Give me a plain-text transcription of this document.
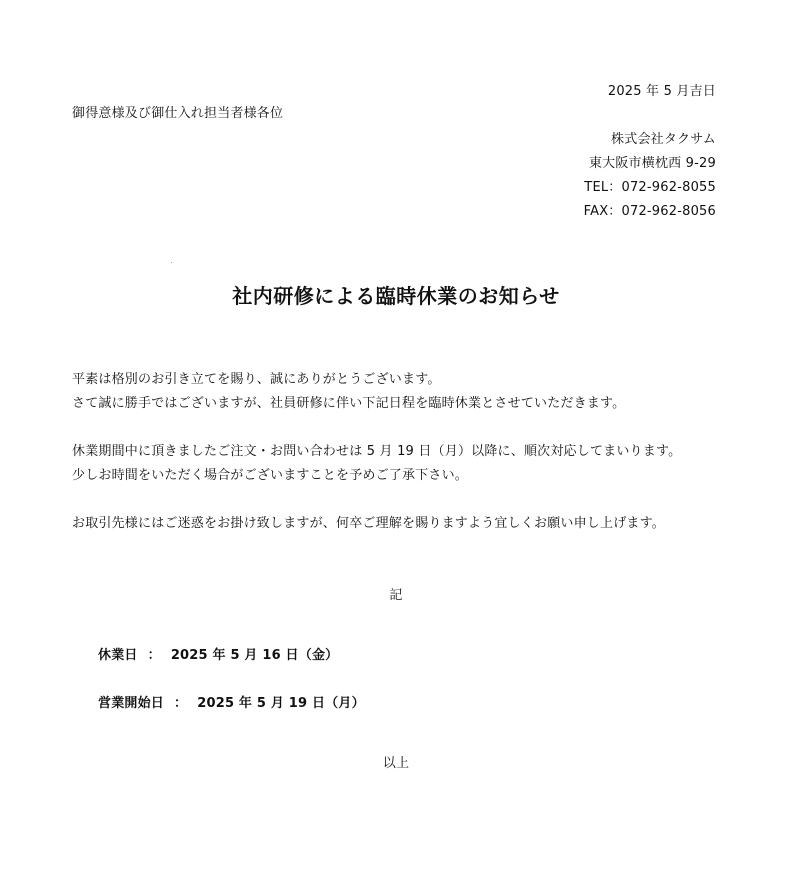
2025 年 5 月吉日
御得意様及び御仕入れ担当者様各位
株式会社タクサム
東大阪市横枕西 9-29
TEL：072-962-8055
FAX：072-962-8056
社内研修による臨時休業のお知らせ
平素は格別のお引き立てを賜り、誠にありがとうございます。
さて誠に勝手ではございますが、社員研修に伴い下記日程を臨時休業とさせていただきます。
休業期間中に頂きましたご注文・お問い合わせは 5 月 19 日（月）以降に、順次対応してまいります。
少しお時間をいただく場合がございますことを予めご了承下さい。
お取引先様にはご迷惑をお掛け致しますが、何卒ご理解を賜りますよう宜しくお願い申し上げます。
記
休業日 ： 2025 年 5 月 16 日（金）
営業開始日 ： 2025 年 5 月 19 日（月）
以上
